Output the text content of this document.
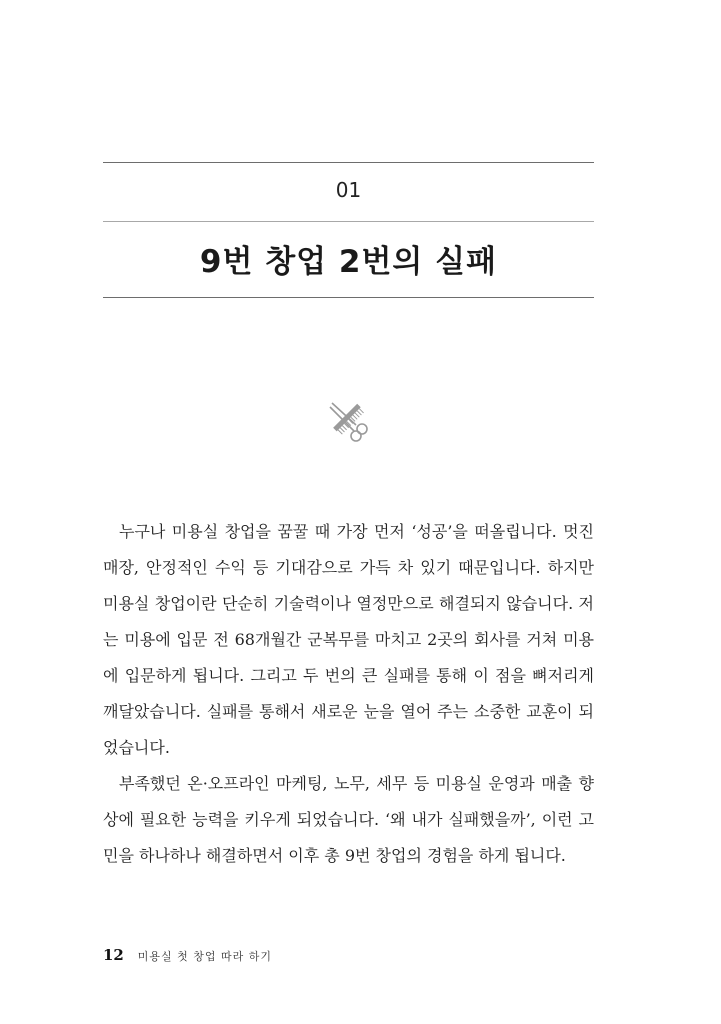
01
9번 창업 2번의 실패

누구나 미용실 창업을 꿈꿀 때 가장 먼저 ‘성공’을 떠올립니다. 멋진 매장, 안정적인 수익 등 기대감으로 가득 차 있기 때문입니다. 하지만 미용실 창업이란 단순히 기술력이나 열정만으로 해결되지 않습니다. 저는 미용에 입문 전 68개월간 군복무를 마치고 2곳의 회사를 거쳐 미용에 입문하게 됩니다. 그리고 두 번의 큰 실패를 통해 이 점을 뼈저리게 깨달았습니다. 실패를 통해서 새로운 눈을 열어 주는 소중한 교훈이 되었습니다.

부족했던 온·오프라인 마케팅, 노무, 세무 등 미용실 운영과 매출 향상에 필요한 능력을 키우게 되었습니다. ‘왜 내가 실패했을까’, 이런 고민을 하나하나 해결하면서 이후 총 9번 창업의 경험을 하게 됩니다.

12 미용실 첫 창업 따라 하기
